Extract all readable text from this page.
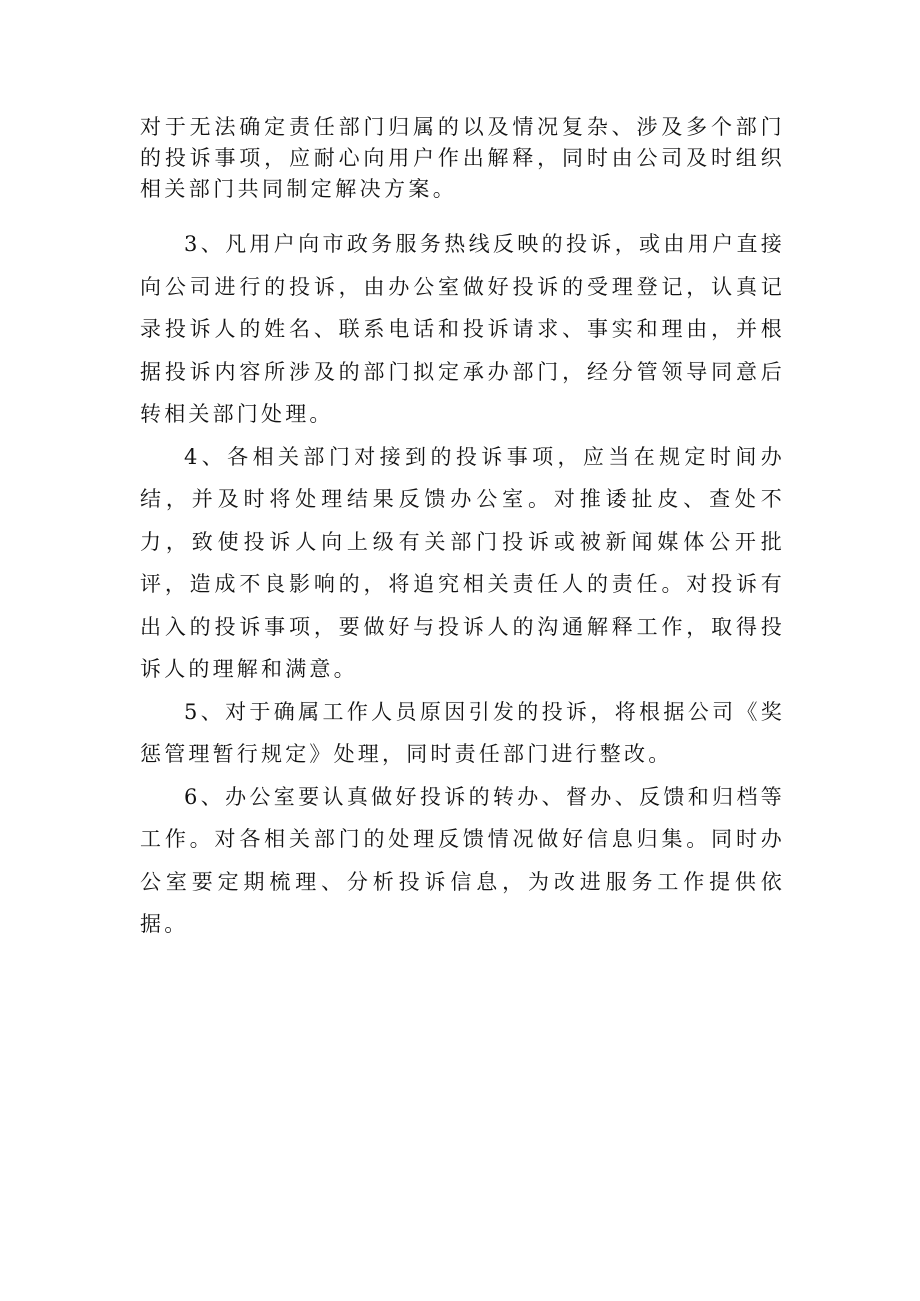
对于无法确定责任部门归属的以及情况复杂、涉及多个部门的投诉事项，应耐心向用户作出解释，同时由公司及时组织相关部门共同制定解决方案。

3、凡用户向市政务服务热线反映的投诉，或由用户直接向公司进行的投诉，由办公室做好投诉的受理登记，认真记录投诉人的姓名、联系电话和投诉请求、事实和理由，并根据投诉内容所涉及的部门拟定承办部门，经分管领导同意后转相关部门处理。

4、各相关部门对接到的投诉事项，应当在规定时间办结，并及时将处理结果反馈办公室。对推诿扯皮、查处不力，致使投诉人向上级有关部门投诉或被新闻媒体公开批评，造成不良影响的，将追究相关责任人的责任。对投诉有出入的投诉事项，要做好与投诉人的沟通解释工作，取得投诉人的理解和满意。

5、对于确属工作人员原因引发的投诉，将根据公司《奖惩管理暂行规定》处理，同时责任部门进行整改。

6、办公室要认真做好投诉的转办、督办、反馈和归档等工作。对各相关部门的处理反馈情况做好信息归集。同时办公室要定期梳理、分析投诉信息，为改进服务工作提供依据。
